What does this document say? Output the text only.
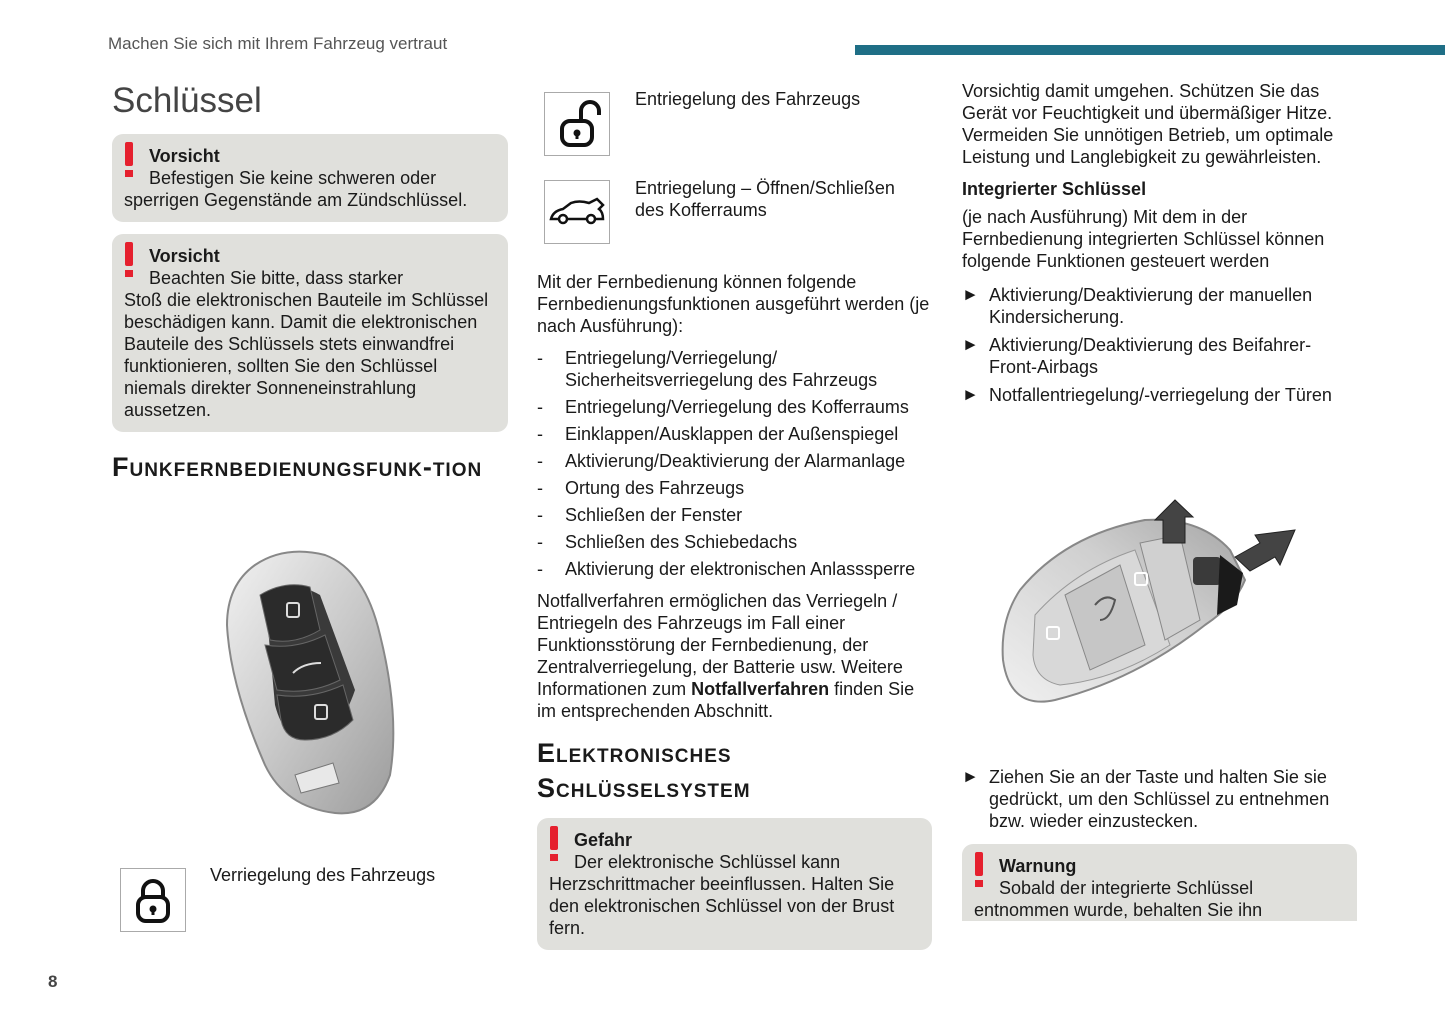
Machen Sie sich mit Ihrem Fahrzeug vertraut
8
Schlüssel
Vorsicht
Befestigen Sie keine schweren oder
sperrigen Gegenstände am Zündschlüssel.
Vorsicht
Beachten Sie bitte, dass starker
Stoß die elektronischen Bauteile im Schlüssel beschädigen kann. Damit die elektronischen Bauteile des Schlüssels stets einwandfrei funktionieren, sollten Sie den Schlüssel niemals direkter Sonneneinstrahlung aussetzen.
Funkfernbedienungsfunk-tion
Verriegelung des Fahrzeugs
Entriegelung des Fahrzeugs
Entriegelung – Öffnen/Schließen des Kofferraums

Mit der Fernbedienung können folgende Fernbedienungsfunktionen ausgeführt werden (je nach Ausführung):

- Entriegelung/Verriegelung/ Sicherheitsverriegelung des Fahrzeugs
- Entriegelung/Verriegelung des Kofferraums
- Einklappen/Ausklappen der Außenspiegel
- Aktivierung/Deaktivierung der Alarmanlage
- Ortung des Fahrzeugs
- Schließen der Fenster
- Schließen des Schiebedachs
- Aktivierung der elektronischen Anlasssperre

Notfallverfahren ermöglichen das Verriegeln / Entriegeln des Fahrzeugs im Fall einer Funktionsstörung der Fernbedienung, der Zentralverriegelung, der Batterie usw. Weitere Informationen zum Notfallverfahren finden Sie im entsprechenden Abschnitt.

Elektronisches Schlüsselsystem
Gefahr
Der elektronische Schlüssel kann
Herzschrittmacher beeinflussen. Halten Sie den elektronischen Schlüssel von der Brust fern.

Vorsichtig damit umgehen. Schützen Sie das Gerät vor Feuchtigkeit und übermäßiger Hitze. Vermeiden Sie unnötigen Betrieb, um optimale Leistung und Langlebigkeit zu gewährleisten.

Integrierter Schlüssel

(je nach Ausführung) Mit dem in der Fernbedienung integrierten Schlüssel können folgende Funktionen gesteuert werden

► Aktivierung/Deaktivierung der manuellen Kindersicherung.
► Aktivierung/Deaktivierung des Beifahrer-Front-Airbags
► Notfallentriegelung/-verriegelung der Türen
► Ziehen Sie an der Taste und halten Sie sie gedrückt, um den Schlüssel zu entnehmen bzw. wieder einzustecken.
Warnung
Sobald der integrierte Schlüssel
entnommen wurde, behalten Sie ihn
